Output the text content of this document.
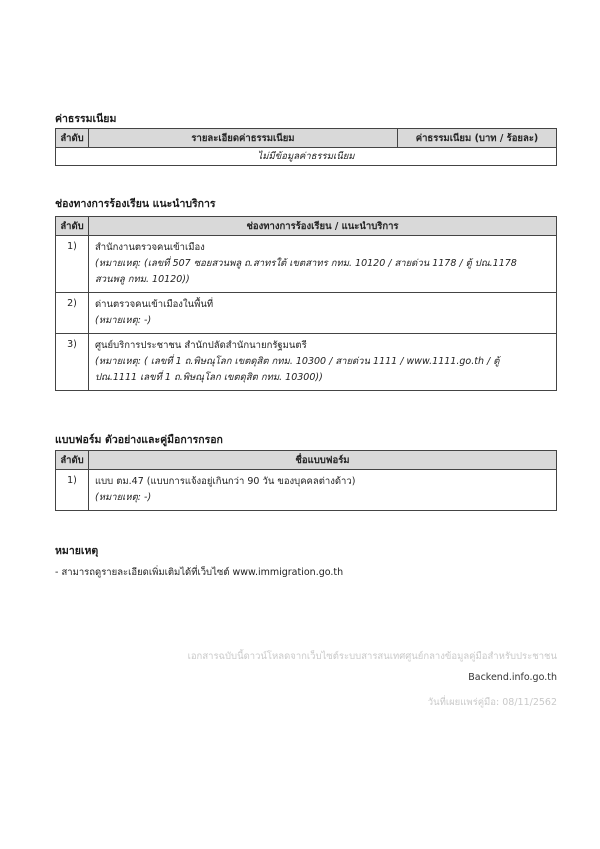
ค่าธรรมเนียม
ลำดับ	รายละเอียดค่าธรรมเนียม	ค่าธรรมเนียม (บาท / ร้อยละ)
ไม่มีข้อมูลค่าธรรมเนียม
ช่องทางการร้องเรียน แนะนำบริการ
ลำดับ	ช่องทางการร้องเรียน / แนะนำบริการ
1)	สำนักงานตรวจคนเข้าเมือง
(หมายเหตุ: (เลขที่ 507 ซอยสวนพลู ถ.สาทรใต้ เขตสาทร กทม. 10120 / สายด่วน 1178 / ตู้ ปณ.1178
สวนพลู กทม. 10120))

2)	ด่านตรวจคนเข้าเมืองในพื้นที่
(หมายเหตุ: -)

3)	ศูนย์บริการประชาชน สำนักปลัดสำนักนายกรัฐมนตรี
(หมายเหตุ: ( เลขที่ 1 ถ.พิษณุโลก เขตดุสิต กทม. 10300 / สายด่วน 1111 / www.1111.go.th / ตู้
ปณ.1111 เลขที่ 1 ถ.พิษณุโลก เขตดุสิต กทม. 10300))
แบบฟอร์ม ตัวอย่างและคู่มือการกรอก
ลำดับ	ชื่อแบบฟอร์ม
1)	แบบ ตม.47 (แบบการแจ้งอยู่เกินกว่า 90 วัน ของบุคคลต่างด้าว)
(หมายเหตุ: -)
หมายเหตุ
- สามารถดูรายละเอียดเพิ่มเติมได้ที่เว็บไซต์ www.immigration.go.th
เอกสารฉบับนี้ดาวน์โหลดจากเว็บไซต์ระบบสารสนเทศศูนย์กลางข้อมูลคู่มือสำหรับประชาชน
Backend.info.go.th
วันที่เผยแพร่คู่มือ: 08/11/2562
